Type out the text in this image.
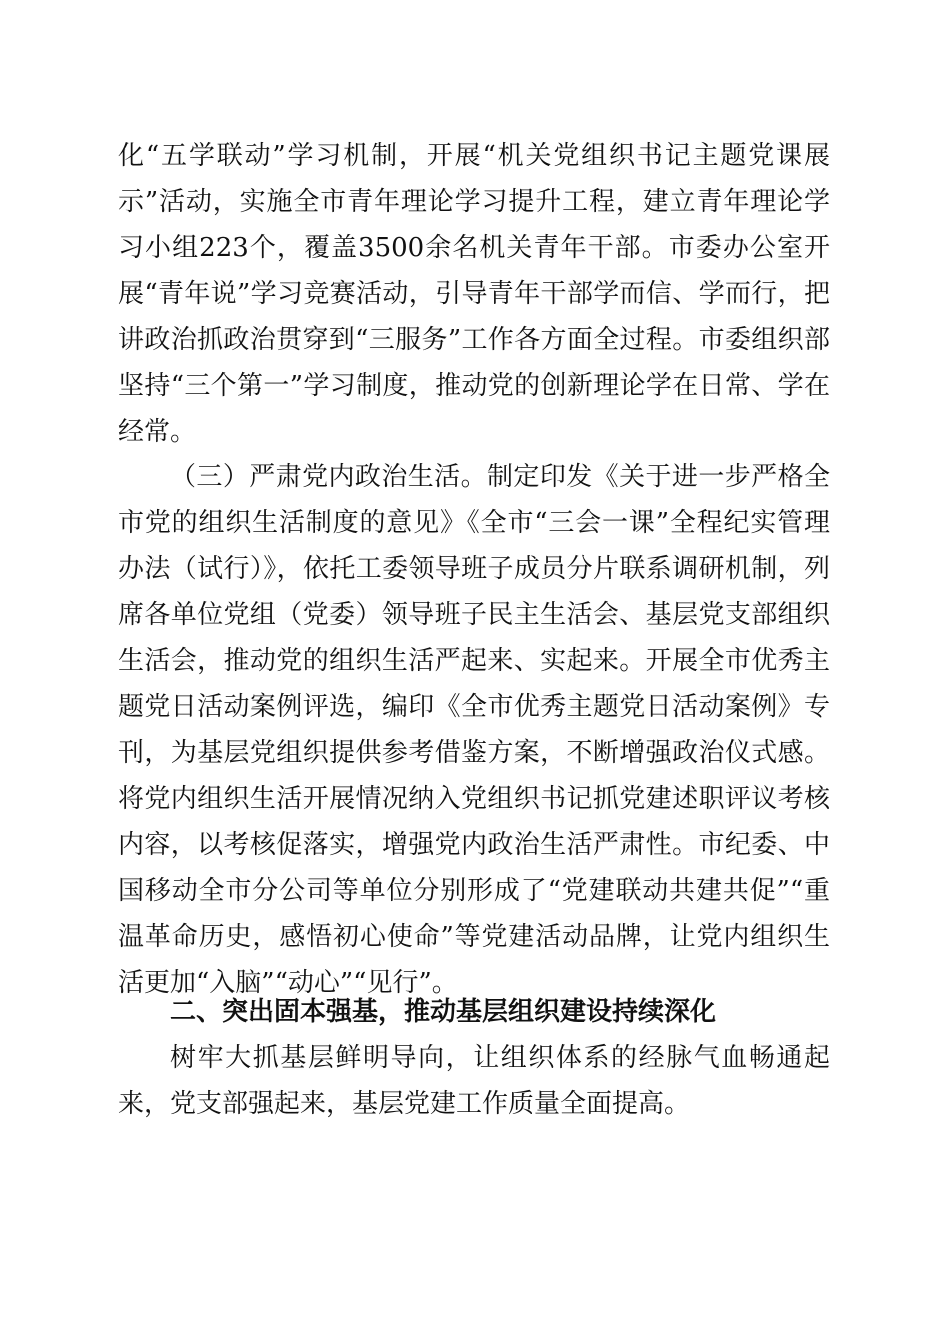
化“五学联动”学习机制，开展“机关党组织书记主题党课展示”活动，实施全市青年理论学习提升工程，建立青年理论学习小组223个，覆盖3500余名机关青年干部。市委办公室开展“青年说”学习竞赛活动，引导青年干部学而信、学而行，把讲政治抓政治贯穿到“三服务”工作各方面全过程。市委组织部坚持“三个第一”学习制度，推动党的创新理论学在日常、学在经常。
（三）严肃党内政治生活。制定印发《关于进一步严格全市党的组织生活制度的意见》《全市“三会一课”全程纪实管理办法（试行）》，依托工委领导班子成员分片联系调研机制，列席各单位党组（党委）领导班子民主生活会、基层党支部组织生活会，推动党的组织生活严起来、实起来。开展全市优秀主题党日活动案例评选，编印《全市优秀主题党日活动案例》专刊，为基层党组织提供参考借鉴方案，不断增强政治仪式感。将党内组织生活开展情况纳入党组织书记抓党建述职评议考核内容，以考核促落实，增强党内政治生活严肃性。市纪委、中国移动全市分公司等单位分别形成了“党建联动共建共促”“重温革命历史，感悟初心使命”等党建活动品牌，让党内组织生活更加“入脑”“动心”“见行”。
二、突出固本强基，推动基层组织建设持续深化
树牢大抓基层鲜明导向，让组织体系的经脉气血畅通起来，党支部强起来，基层党建工作质量全面提高。
